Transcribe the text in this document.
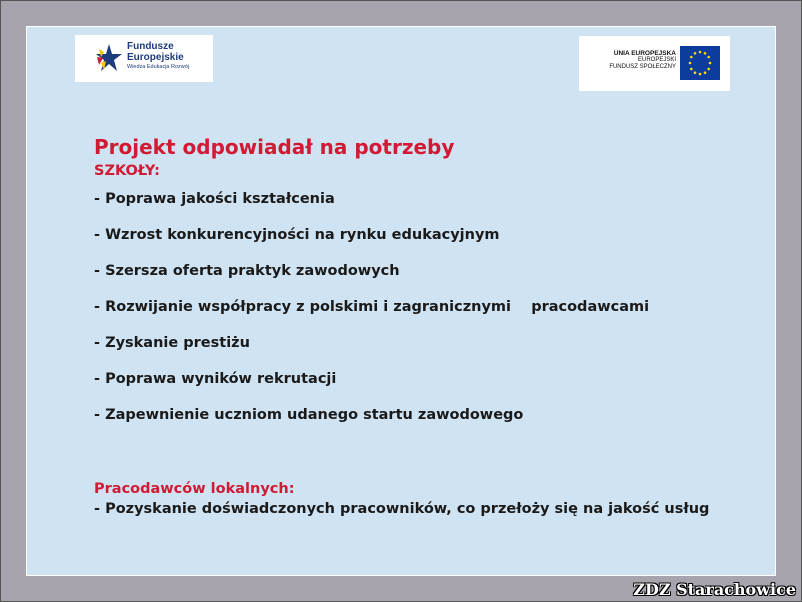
Fundusze
Europejskie
Wiedza Edukacja Rozwój
UNIA EUROPEJSKA
EUROPEJSKI
FUNDUSZ SPOŁECZNY
Projekt odpowiadał na potrzeby
SZKOŁY:
- Poprawa jakości kształcenia
- Wzrost konkurencyjności na rynku edukacyjnym
- Szersza oferta praktyk zawodowych
- Rozwijanie współpracy z polskimi i zagranicznymi    pracodawcami
- Zyskanie prestiżu
- Poprawa wyników rekrutacji
- Zapewnienie uczniom udanego startu zawodowego
Pracodawców lokalnych:
- Pozyskanie doświadczonych pracowników, co przełoży się na jakość usług
ZDZ Starachowice
